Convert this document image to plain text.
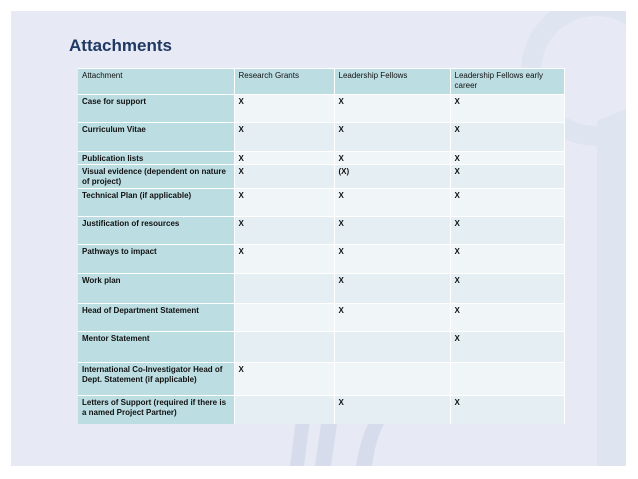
Attachments
Attachment	Research Grants	Leadership Fellows	Leadership Fellows early career
Case for support	X	X	X
Curriculum Vitae	X	X	X
Publication lists	X	X	X
Visual evidence (dependent on nature of project)	X	(X)	X
Technical Plan (if applicable)	X	X	X
Justification of resources	X	X	X
Pathways to impact	X	X	X
Work plan		X	X
Head of Department Statement		X	X
Mentor Statement			X
International Co-Investigator Head of Dept. Statement (if applicable)	X		
Letters of Support (required if there is a named Project Partner)		X	X
